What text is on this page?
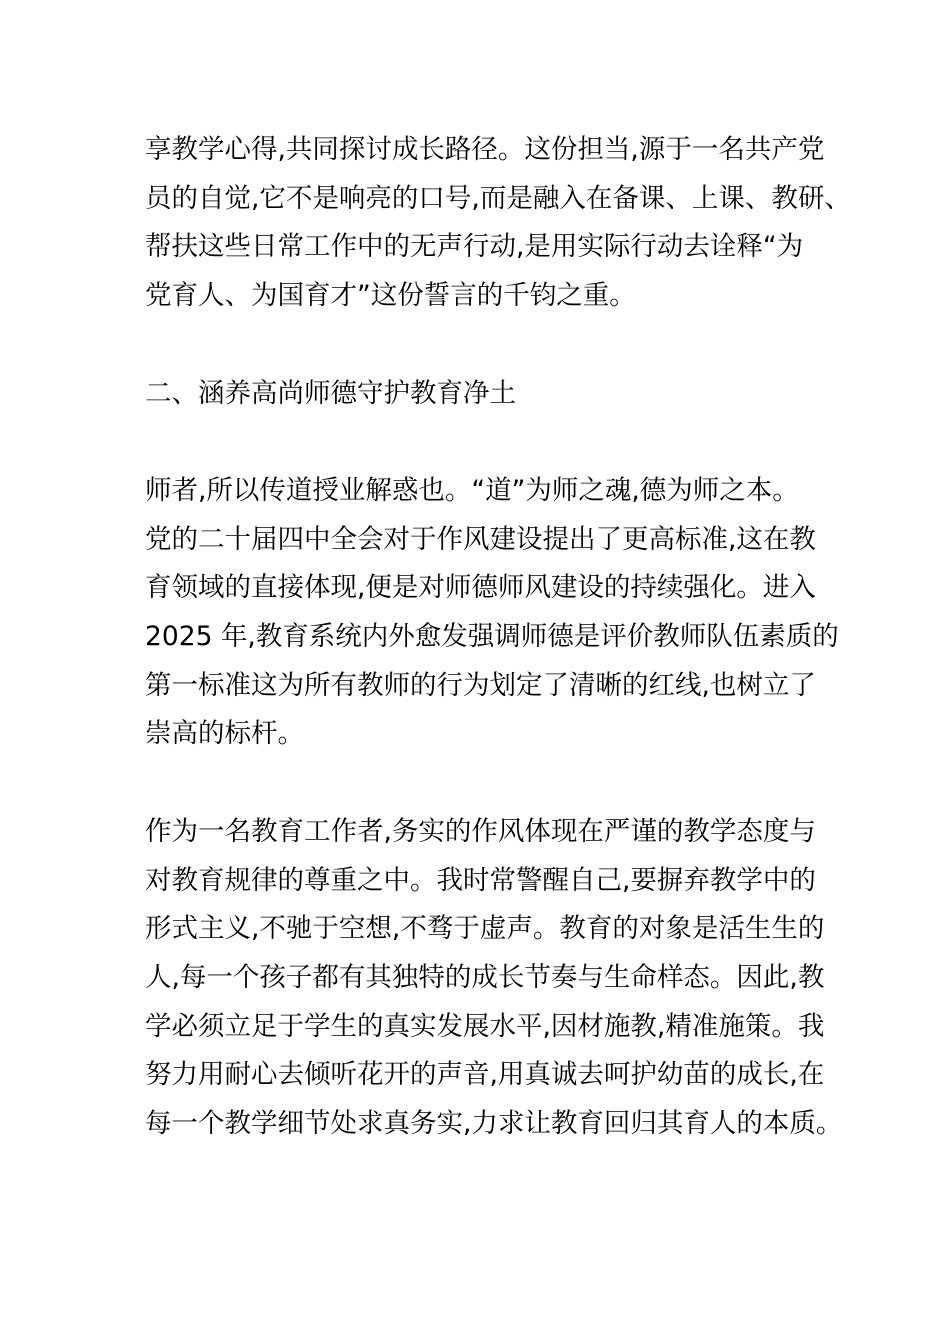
享教学心得,共同探讨成长路径。这份担当,源于一名共产党
员的自觉,它不是响亮的口号,而是融入在备课、上课、教研、
帮扶这些日常工作中的无声行动,是用实际行动去诠释“为
党育人、为国育才”这份誓言的千钧之重。
二、涵养高尚师德守护教育净土
师者,所以传道授业解惑也。“道”为师之魂,德为师之本。
党的二十届四中全会对于作风建设提出了更高标准,这在教
育领域的直接体现,便是对师德师风建设的持续强化。进入
2025 年,教育系统内外愈发强调师德是评价教师队伍素质的
第一标准这为所有教师的行为划定了清晰的红线,也树立了
崇高的标杆。
作为一名教育工作者,务实的作风体现在严谨的教学态度与
对教育规律的尊重之中。我时常警醒自己,要摒弃教学中的
形式主义,不驰于空想,不骛于虚声。教育的对象是活生生的
人,每一个孩子都有其独特的成长节奏与生命样态。因此,教
学必须立足于学生的真实发展水平,因材施教,精准施策。我
努力用耐心去倾听花开的声音,用真诚去呵护幼苗的成长,在
每一个教学细节处求真务实,力求让教育回归其育人的本质。
